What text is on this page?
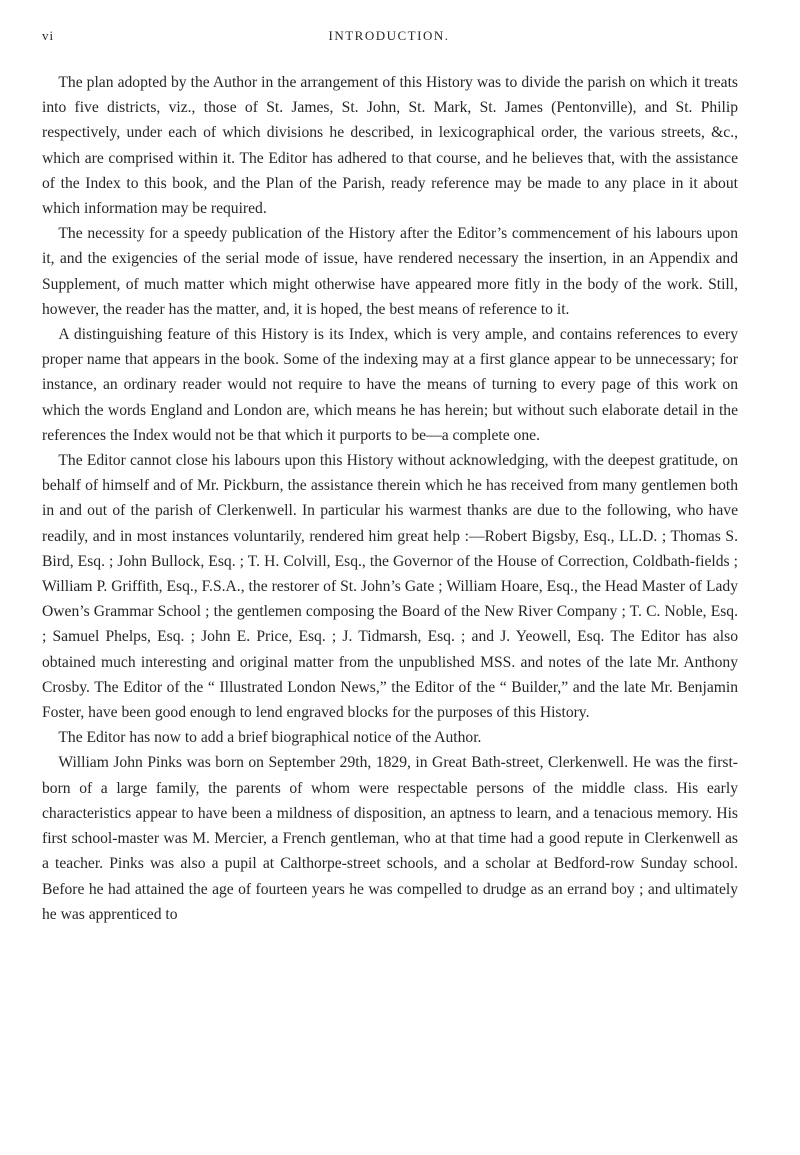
vi	INTRODUCTION.

The plan adopted by the Author in the arrangement of this History was to divide the parish on which it treats into five districts, viz., those of St. James, St. John, St. Mark, St. James (Pentonville), and St. Philip respectively, under each of which divisions he described, in lexicographical order, the various streets, &c., which are comprised within it. The Editor has adhered to that course, and he believes that, with the assistance of the Index to this book, and the Plan of the Parish, ready reference may be made to any place in it about which information may be required.

The necessity for a speedy publication of the History after the Editor’s commencement of his labours upon it, and the exigencies of the serial mode of issue, have rendered necessary the insertion, in an Appendix and Supplement, of much matter which might otherwise have appeared more fitly in the body of the work. Still, however, the reader has the matter, and, it is hoped, the best means of reference to it.

A distinguishing feature of this History is its Index, which is very ample, and contains references to every proper name that appears in the book. Some of the indexing may at a first glance appear to be unnecessary; for instance, an ordinary reader would not require to have the means of turning to every page of this work on which the words England and London are, which means he has herein; but without such elaborate detail in the references the Index would not be that which it purports to be—a complete one.

The Editor cannot close his labours upon this History without acknowledging, with the deepest gratitude, on behalf of himself and of Mr. Pickburn, the assistance therein which he has received from many gentlemen both in and out of the parish of Clerkenwell. In particular his warmest thanks are due to the following, who have readily, and in most instances voluntarily, rendered him great help :—Robert Bigsby, Esq., LL.D. ; Thomas S. Bird, Esq. ; John Bullock, Esq. ; T. H. Colvill, Esq., the Governor of the House of Correction, Coldbath-fields ; William P. Griffith, Esq., F.S.A., the restorer of St. John’s Gate ; William Hoare, Esq., the Head Master of Lady Owen’s Grammar School ; the gentlemen composing the Board of the New River Company ; T. C. Noble, Esq. ; Samuel Phelps, Esq. ; John E. Price, Esq. ; J. Tidmarsh, Esq. ; and J. Yeowell, Esq. The Editor has also obtained much interesting and original matter from the unpublished MSS. and notes of the late Mr. Anthony Crosby. The Editor of the “ Illustrated London News,” the Editor of the “ Builder,” and the late Mr. Benjamin Foster, have been good enough to lend engraved blocks for the purposes of this History.

The Editor has now to add a brief biographical notice of the Author.

William John Pinks was born on September 29th, 1829, in Great Bath-street, Clerkenwell. He was the first-born of a large family, the parents of whom were respectable persons of the middle class. His early characteristics appear to have been a mildness of disposition, an aptness to learn, and a tenacious memory. His first school-master was M. Mercier, a French gentleman, who at that time had a good repute in Clerkenwell as a teacher. Pinks was also a pupil at Calthorpe-street schools, and a scholar at Bedford-row Sunday school. Before he had attained the age of fourteen years he was compelled to drudge as an errand boy ; and ultimately he was apprenticed to
